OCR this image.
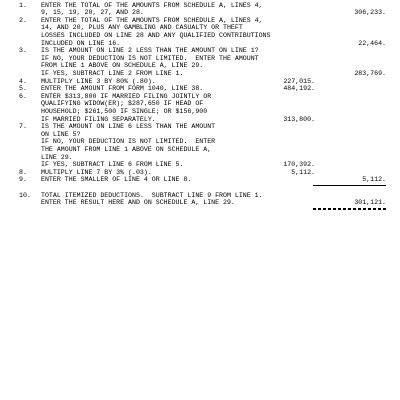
1.	ENTER THE TOTAL OF THE AMOUNTS FROM SCHEDULE A, LINES 4,
9, 15, 19, 20, 27, AND 28.	306,233.
2.	ENTER THE TOTAL OF THE AMOUNTS FROM SCHEDULE A, LINES 4,
14, AND 20, PLUS ANY GAMBLING AND CASUALTY OR THEFT
LOSSES INCLUDED ON LINE 28 AND ANY QUALIFIED CONTRIBUTIONS
INCLUDED ON LINE 16.	22,464.
3.	IS THE AMOUNT ON LINE 2 LESS THAN THE AMOUNT ON LINE 1?
IF NO, YOUR DEDUCTION IS NOT LIMITED.  ENTER THE AMOUNT
FROM LINE 1 ABOVE ON SCHEDULE A, LINE 29.
IF YES, SUBTRACT LINE 2 FROM LINE 1.	283,769.
4.	MULTIPLY LINE 3 BY 80% (.80).	227,015.
5.	ENTER THE AMOUNT FROM FORM 1040, LINE 38.	484,192.
6.	ENTER $313,800 IF MARRIED FILING JOINTLY OR
QUALIFYING WIDOW(ER); $287,650 IF HEAD OF
HOUSEHOLD; $261,500 IF SINGLE; OR $156,900
IF MARRIED FILING SEPARATELY.	313,800.
7.	IS THE AMOUNT ON LINE 6 LESS THAN THE AMOUNT
ON LINE 5?
IF NO, YOUR DEDUCTION IS NOT LIMITED.  ENTER
THE AMOUNT FROM LINE 1 ABOVE ON SCHEDULE A,
LINE 29.
IF YES, SUBTRACT LINE 6 FROM LINE 5.	170,392.
8.	MULTIPLY LINE 7 BY 3% (.03).	5,112.
9.	ENTER THE SMALLER OF LINE 4 OR LINE 8.	5,112.
10.	TOTAL ITEMIZED DEDUCTIONS.  SUBTRACT LINE 9 FROM LINE 1.
ENTER THE RESULT HERE AND ON SCHEDULE A, LINE 29.	301,121.
